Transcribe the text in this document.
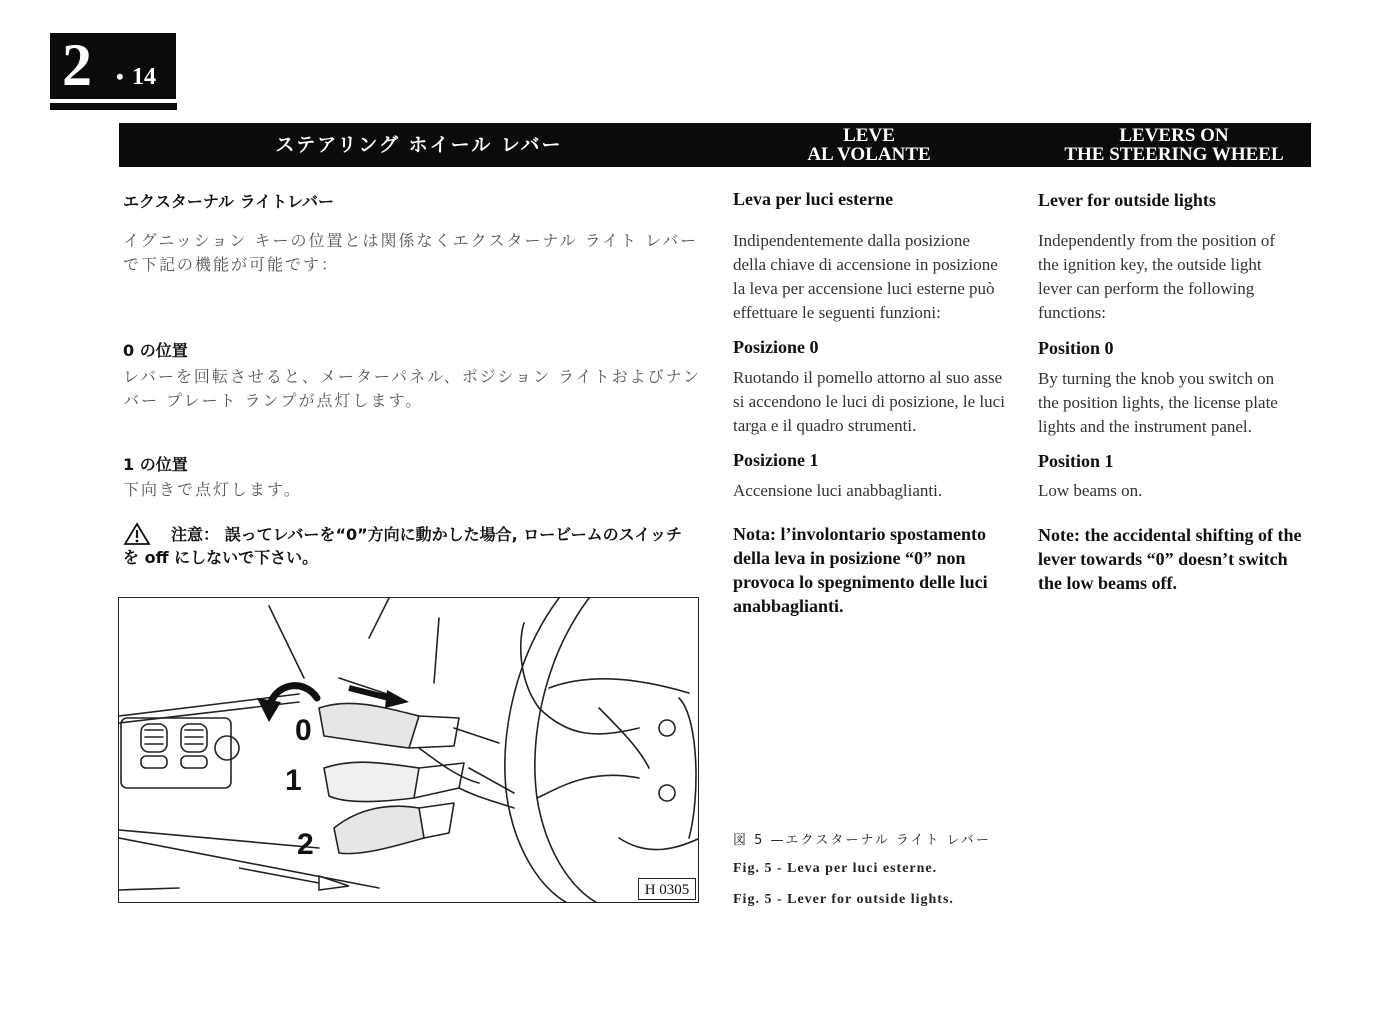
2
• 14
ステアリング ホイール レバー	LEVE
AL VOLANTE
LEVERS ON
THE STEERING WHEEL
エクスターナル ライトレバー
イグニッション キーの位置とは関係なくエクスターナル ライト レバー
で下記の機能が可能です：
0 の位置
レバーを回転させると、メーターパネル、ポジション ライトおよびナン
バー プレート ランプが点灯します。
1 の位置
下向きで点灯します。
注意： 誤ってレバーを“0”方向に動かした場合, ロービームのスイッチ
を off にしないで下さい。
0
1
2
H 0305
Leva per luci esterne
Indipendentemente dalla posizione
della chiave di accensione in posizione
la leva per accensione luci esterne può
effettuare le seguenti funzioni:
Posizione 0
Ruotando il pomello attorno al suo asse
si accendono le luci di posizione, le luci
targa e il quadro strumenti.
Posizione 1
Accensione luci anabbaglianti.
Nota: l’involontario spostamento
della leva in posizione “0” non
provoca lo spegnimento delle luci
anabbaglianti.
Lever for outside lights
Independently from the position of
the ignition key, the outside light
lever can perform the following
functions:
Position 0
By turning the knob you switch on
the position lights, the license plate
lights and the instrument panel.
Position 1
Low beams on.
Note: the accidental shifting of the
lever towards “0” doesn’t switch
the low beams off.
図 5 —エクスターナル ライト レバー
Fig. 5 - Leva per luci esterne.
Fig. 5 - Lever for outside lights.
